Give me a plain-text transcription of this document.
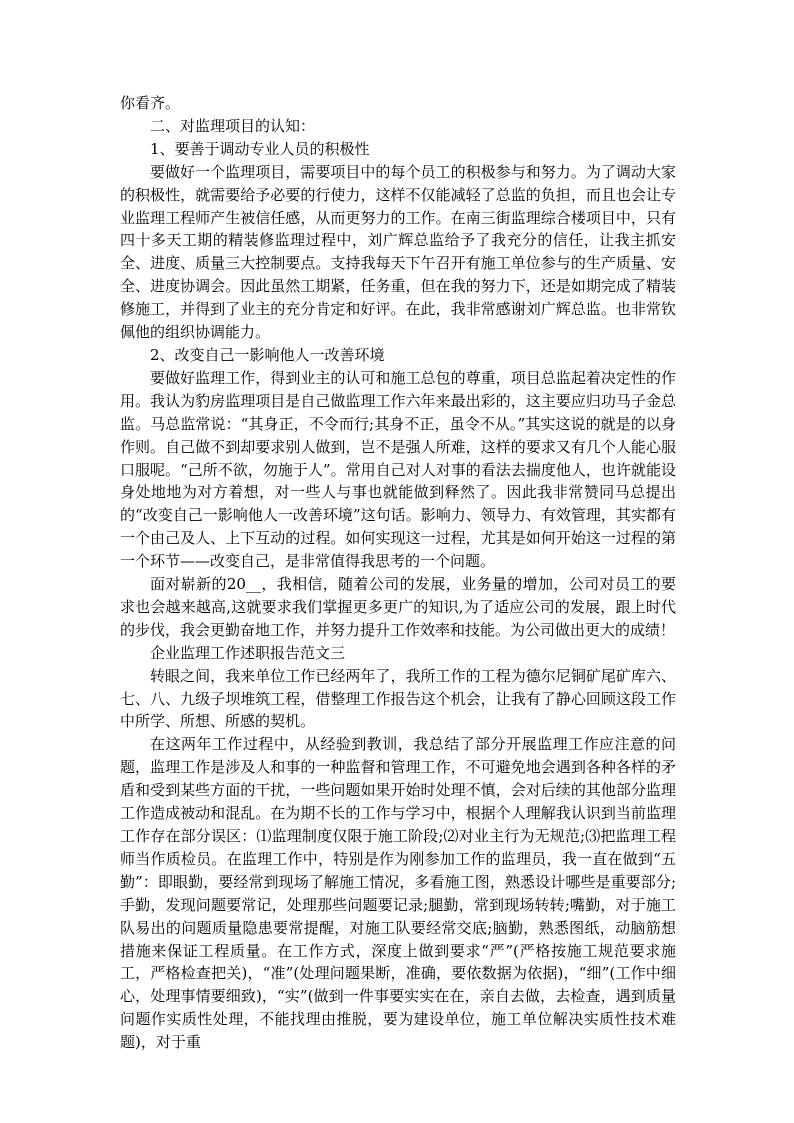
你看齐。

二、对监理项目的认知：

1、要善于调动专业人员的积极性

要做好一个监理项目，需要项目中的每个员工的积极参与和努力。为了调动大家的积极性，就需要给予必要的行使力，这样不仅能减轻了总监的负担，而且也会让专业监理工程师产生被信任感，从而更努力的工作。在南三街监理综合楼项目中，只有四十多天工期的精装修监理过程中，刘广辉总监给予了我充分的信任，让我主抓安全、进度、质量三大控制要点。支持我每天下午召开有施工单位参与的生产质量、安全、进度协调会。因此虽然工期紧，任务重，但在我的努力下，还是如期完成了精装修施工，并得到了业主的充分肯定和好评。在此，我非常感谢刘广辉总监。也非常钦佩他的组织协调能力。

2、改变自己一影响他人一改善环境

要做好监理工作，得到业主的认可和施工总包的尊重，项目总监起着决定性的作用。我认为豹房监理项目是自己做监理工作六年来最出彩的，这主要应归功马子金总监。马总监常说：“其身正，不令而行;其身不正，虽令不从。”其实这说的就是的以身作则。自己做不到却要求别人做到，岂不是强人所难，这样的要求又有几个人能心服口服呢。“己所不欲，勿施于人”。常用自己对人对事的看法去揣度他人，也许就能设身处地地为对方着想，对一些人与事也就能做到释然了。因此我非常赞同马总提出的“改变自己一影响他人一改善环境”这句话。影响力、领导力、有效管理，其实都有一个由己及人、上下互动的过程。如何实现这一过程，尤其是如何开始这一过程的第一个环节——改变自己，是非常值得我思考的一个问题。

面对崭新的20__，我相信，随着公司的发展，业务量的增加，公司对员工的要求也会越来越高,这就要求我们掌握更多更广的知识,为了适应公司的发展，跟上时代的步伐，我会更勤奋地工作，并努力提升工作效率和技能。为公司做出更大的成绩！

企业监理工作述职报告范文三

转眼之间，我来单位工作已经两年了，我所工作的工程为德尔尼铜矿尾矿库六、七、八、九级子坝堆筑工程，借整理工作报告这个机会，让我有了静心回顾这段工作中所学、所想、所感的契机。

在这两年工作过程中，从经验到教训，我总结了部分开展监理工作应注意的问题，监理工作是涉及人和事的一种监督和管理工作，不可避免地会遇到各种各样的矛盾和受到某些方面的干扰，一些问题如果开始时处理不慎，会对后续的其他部分监理工作造成被动和混乱。在为期不长的工作与学习中，根据个人理解我认识到当前监理工作存在部分误区：⑴监理制度仅限于施工阶段;⑵对业主行为无规范;⑶把监理工程师当作质检员。在监理工作中，特别是作为刚参加工作的监理员，我一直在做到“五勤”：即眼勤，要经常到现场了解施工情况，多看施工图，熟悉设计哪些是重要部分;手勤，发现问题要常记，处理那些问题要记录;腿勤，常到现场转转;嘴勤，对于施工队易出的问题质量隐患要常提醒，对施工队要经常交底;脑勤，熟悉图纸，动脑筋想措施来保证工程质量。在工作方式，深度上做到要求“严”(严格按施工规范要求施工，严格检查把关)，“准”(处理问题果断，准确，要依数据为依据)，“细”(工作中细心，处理事情要细致)，“实”(做到一件事要实实在在，亲自去做，去检查，遇到质量问题作实质性处理，不能找理由推脱，要为建设单位，施工单位解决实质性技术难题)，对于重
